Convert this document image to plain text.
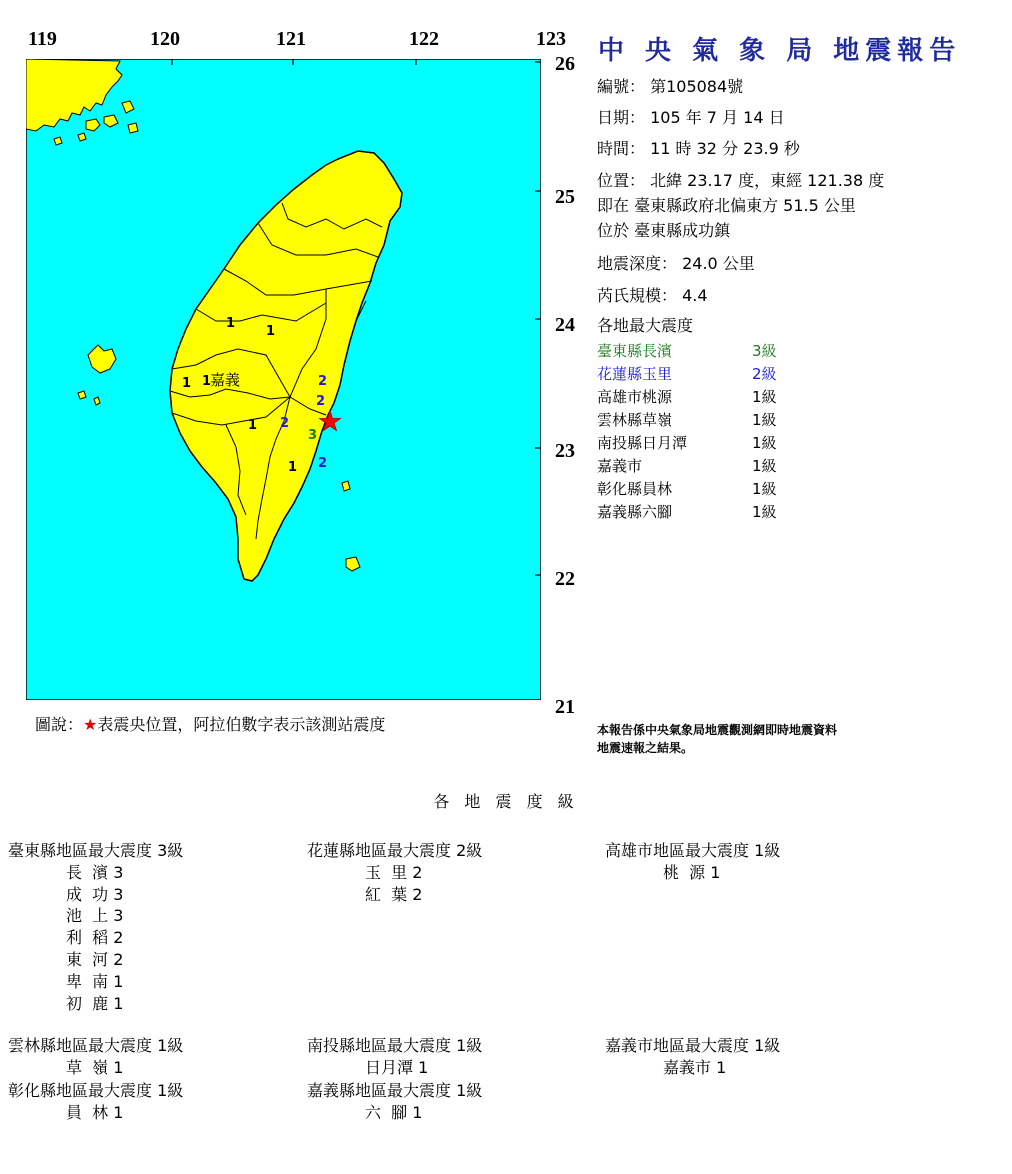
119	120	121	122	123
26
25
24
23
22
21
1
1
1 1
1
1
2
2
2
2
3
嘉義
圖說：★表震央位置，阿拉伯數字表示該測站震度
中 央 氣 象 局 地震報告
編號： 第105084號
日期： 105 年 7 月 14 日
時間： 11 時 32 分 23.9 秒
位置： 北緯 23.17 度，東經 121.38 度
即在 臺東縣政府北偏東方 51.5 公里
位於 臺東縣成功鎮
地震深度： 24.0 公里
芮氏規模： 4.4
各地最大震度
臺東縣長濱	3級
花蓮縣玉里	2級
高雄市桃源	1級
雲林縣草嶺	1級
南投縣日月潭	1級
嘉義市	1級
彰化縣員林	1級
嘉義縣六腳	1級
本報告係中央氣象局地震觀測網即時地震資料
地震速報之結果。
各 地 震 度 級
臺東縣地區最大震度 3級
長  濱 3
成  功 3
池  上 3
利  稻 2
東  河 2
卑  南 1
初  鹿 1
花蓮縣地區最大震度 2級
玉  里 2
紅  葉 2
高雄市地區最大震度 1級
桃  源 1
雲林縣地區最大震度 1級
草  嶺 1
南投縣地區最大震度 1級
日月潭 1
嘉義市地區最大震度 1級
嘉義市 1
彰化縣地區最大震度 1級
員  林 1
嘉義縣地區最大震度 1級
六  腳 1
